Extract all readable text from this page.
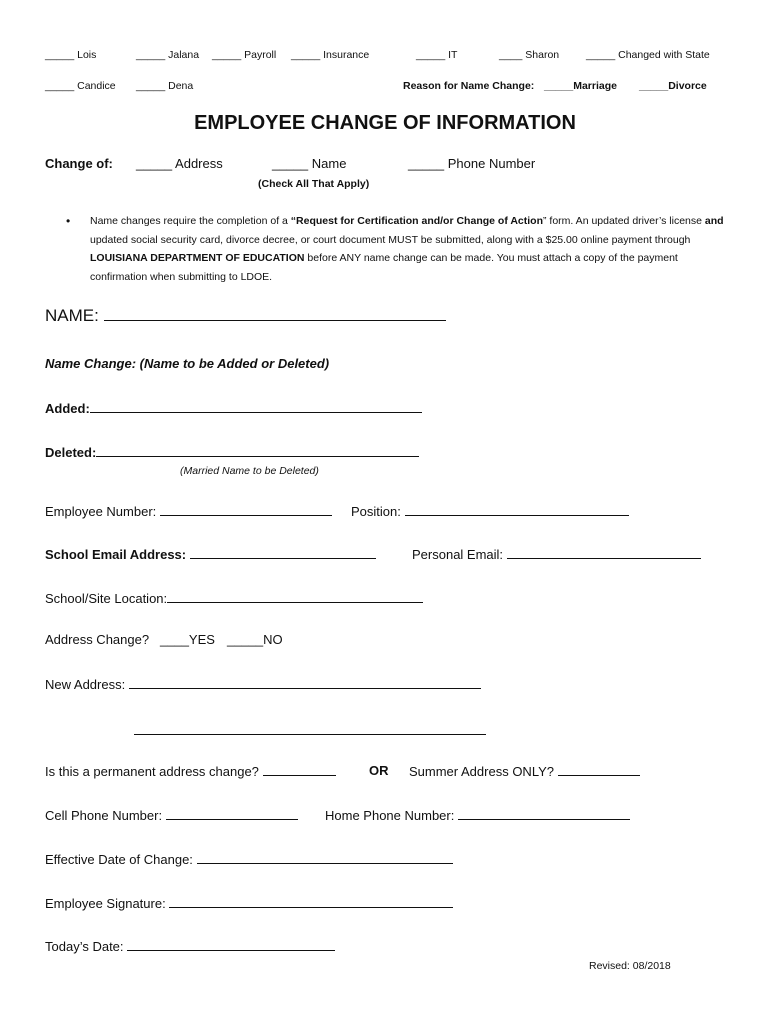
_____ Lois	_____ Jalana _____ Payroll _____ Insurance	_____ IT	____ Sharon	_____ Changed with State
_____ Candice _____ Dena	Reason for Name Change: _____Marriage _____Divorce
EMPLOYEE CHANGE OF INFORMATION
Change of: _____ Address	_____ Name	_____ Phone Number
(Check All That Apply)
• Name changes require the completion of a “Request for Certification and/or Change of Action” form. An updated driver’s license and updated social security card, divorce decree, or court document MUST be submitted, along with a $25.00 online payment through LOUISIANA DEPARTMENT OF EDUCATION before ANY name change can be made. You must attach a copy of the payment confirmation when submitting to LDOE.
NAME:
Name Change: (Name to be Added or Deleted)
Added:
Deleted:
(Married Name to be Deleted)
Employee Number:	Position:
School Email Address:	Personal Email:
School/Site Location:
Address Change? ____YES _____NO
New Address:
Is this a permanent address change?	OR Summer Address ONLY?
Cell Phone Number:	Home Phone Number:
Effective Date of Change:
Employee Signature:
Today’s Date:
Revised: 08/2018
